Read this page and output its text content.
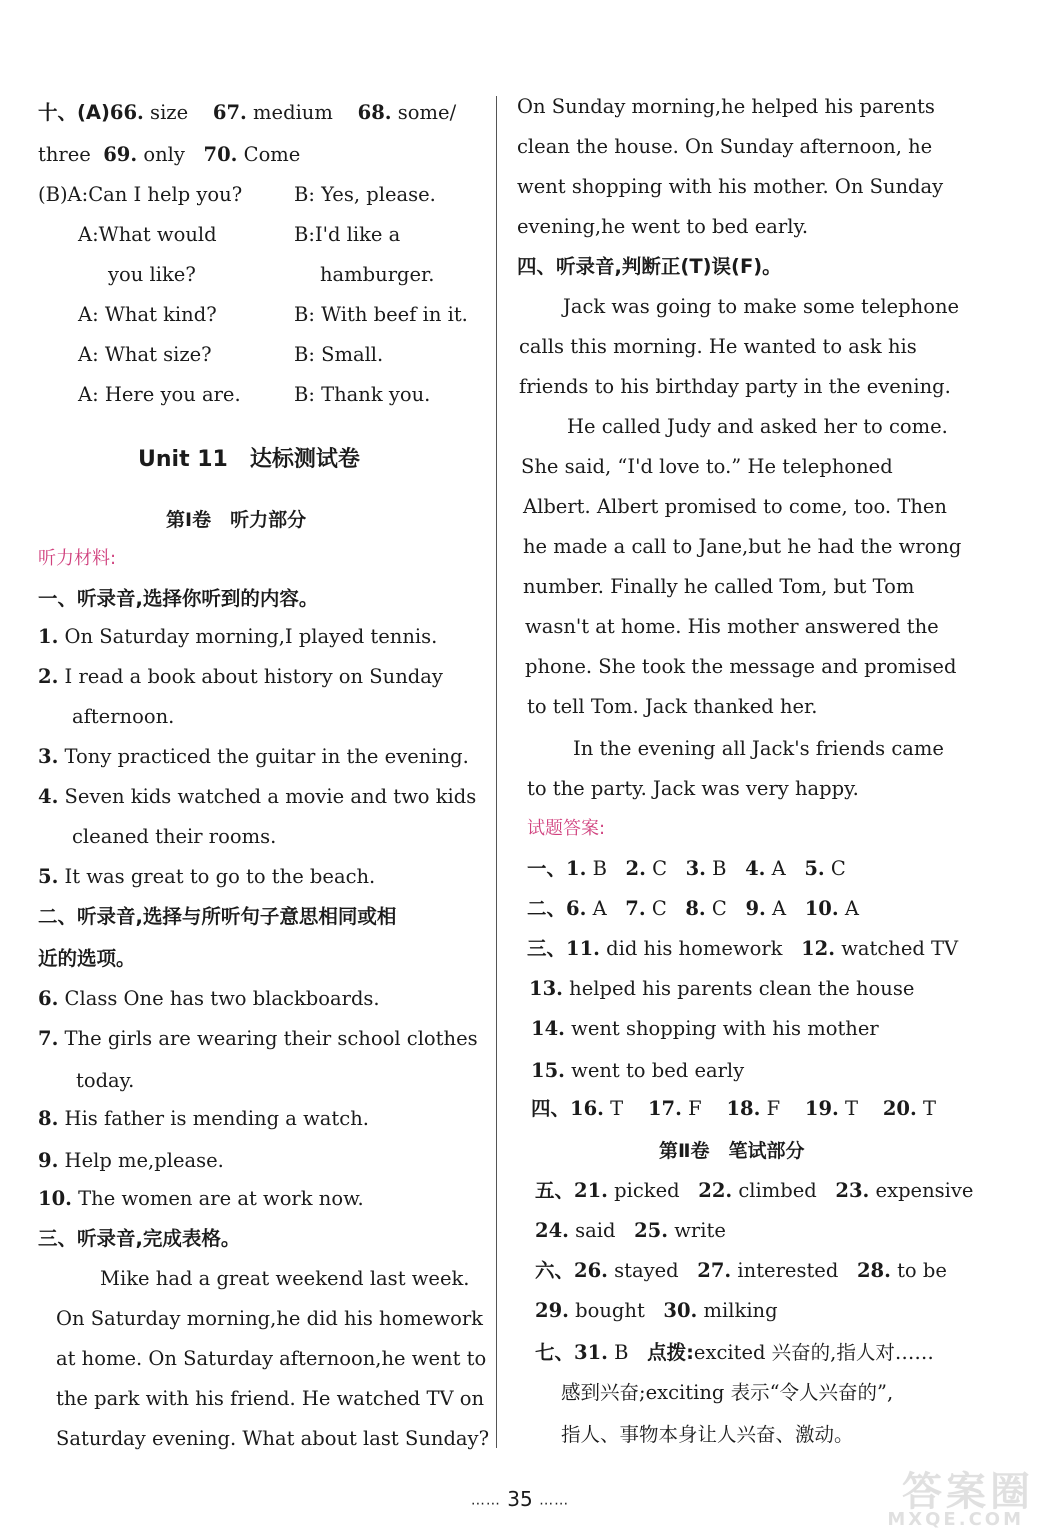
十、(A)66. size 67. medium 68. some/
three 69. only 70. Come
(B)A:Can I help you?	B: Yes, please.
A:What would	B:I'd like a
you like?	hamburger.
A: What kind?	B: With beef in it.
A: What size?	B: Small.
A: Here you are.	B: Thank you.
Unit 11　达标测试卷
第Ⅰ卷　听力部分
听力材料:
一、听录音,选择你听到的内容。
1. On Saturday morning,I played tennis.
2. I read a book about history on Sunday
afternoon.
3. Tony practiced the guitar in the evening.
4. Seven kids watched a movie and two kids
cleaned their rooms.
5. It was great to go to the beach.
二、听录音,选择与所听句子意思相同或相
近的选项。
6. Class One has two blackboards.
7. The girls are wearing their school clothes
today.
8. His father is mending a watch.
9. Help me,please.
10. The women are at work now.
三、听录音,完成表格。
Mike had a great weekend last week.
On Saturday morning,he did his homework
at home. On Saturday afternoon,he went to
the park with his friend. He watched TV on
Saturday evening. What about last Sunday?
On Sunday morning,he helped his parents
clean the house. On Sunday afternoon, he
went shopping with his mother. On Sunday
evening,he went to bed early.
四、听录音,判断正(T)误(F)。
Jack was going to make some telephone
calls this morning. He wanted to ask his
friends to his birthday party in the evening.
He called Judy and asked her to come.
She said, “I'd love to.” He telephoned
Albert. Albert promised to come, too. Then
he made a call to Jane,but he had the wrong
number. Finally he called Tom, but Tom
wasn't at home. His mother answered the
phone. She took the message and promised
to tell Tom. Jack thanked her.
In the evening all Jack's friends came
to the party. Jack was very happy.
试题答案:
一、1. B 2. C 3. B 4. A 5. C
二、6. A 7. C 8. C 9. A 10. A
三、11. did his homework 12. watched TV
13. helped his parents clean the house
14. went shopping with his mother
15. went to bed early
四、16. T 17. F 18. F 19. T 20. T
第Ⅱ卷　笔试部分
五、21. picked 22. climbed 23. expensive
24. said 25. write
六、26. stayed 27. interested 28. to be
29. bought 30. milking
七、31. B 点拨:excited 兴奋的,指人对……
感到兴奋;exciting 表示“令人兴奋的”,
指人、事物本身让人兴奋、激动。
…… 35 ……	答案圈
MXQE.COM
